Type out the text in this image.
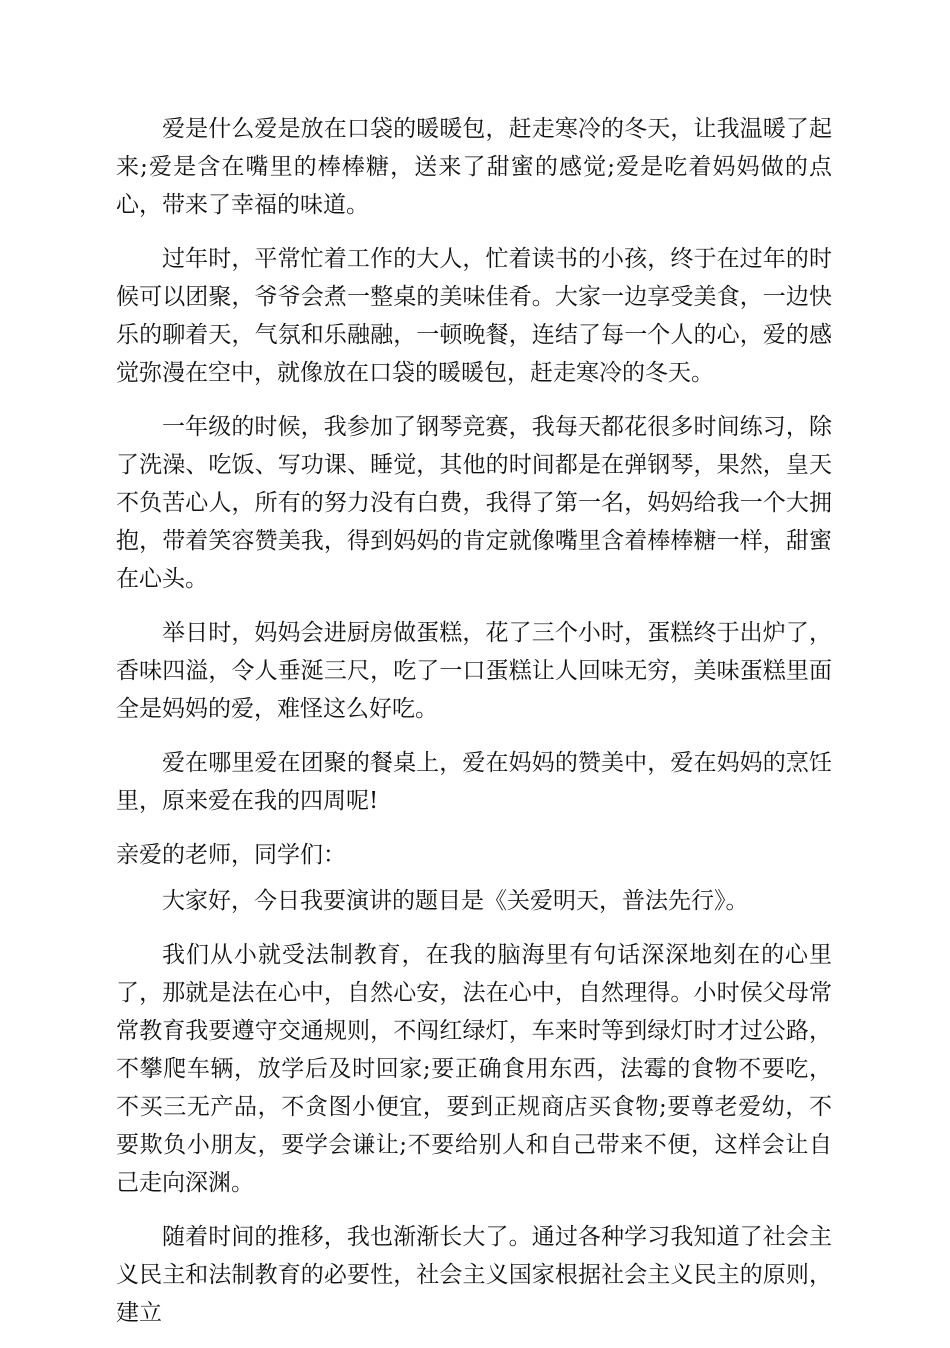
爱是什么爱是放在口袋的暖暖包，赶走寒冷的冬天，让我温暖了起来;爱是含在嘴里的棒棒糖，送来了甜蜜的感觉;爱是吃着妈妈做的点心，带来了幸福的味道。

过年时，平常忙着工作的大人，忙着读书的小孩，终于在过年的时候可以团聚，爷爷会煮一整桌的美味佳肴。大家一边享受美食，一边快乐的聊着天，气氛和乐融融，一顿晚餐，连结了每一个人的心，爱的感觉弥漫在空中，就像放在口袋的暖暖包，赶走寒冷的冬天。

一年级的时候，我参加了钢琴竞赛，我每天都花很多时间练习，除了洗澡、吃饭、写功课、睡觉，其他的时间都是在弹钢琴，果然，皇天不负苦心人，所有的努力没有白费，我得了第一名，妈妈给我一个大拥抱，带着笑容赞美我，得到妈妈的肯定就像嘴里含着棒棒糖一样，甜蜜在心头。

举日时，妈妈会进厨房做蛋糕，花了三个小时，蛋糕终于出炉了，香味四溢，令人垂涎三尺，吃了一口蛋糕让人回味无穷，美味蛋糕里面全是妈妈的爱，难怪这么好吃。

爱在哪里爱在团聚的餐桌上，爱在妈妈的赞美中，爱在妈妈的烹饪里，原来爱在我的四周呢!

亲爱的老师，同学们：

大家好，今日我要演讲的题目是《关爱明天，普法先行》。

我们从小就受法制教育，在我的脑海里有句话深深地刻在的心里了，那就是法在心中，自然心安，法在心中，自然理得。小时侯父母常常教育我要遵守交通规则，不闯红绿灯，车来时等到绿灯时才过公路，不攀爬车辆，放学后及时回家;要正确食用东西，法霉的食物不要吃，不买三无产品，不贪图小便宜，要到正规商店买食物;要尊老爱幼，不要欺负小朋友，要学会谦让;不要给别人和自己带来不便，这样会让自己走向深渊。

随着时间的推移，我也渐渐长大了。通过各种学习我知道了社会主义民主和法制教育的必要性，社会主义国家根据社会主义民主的原则，建立
